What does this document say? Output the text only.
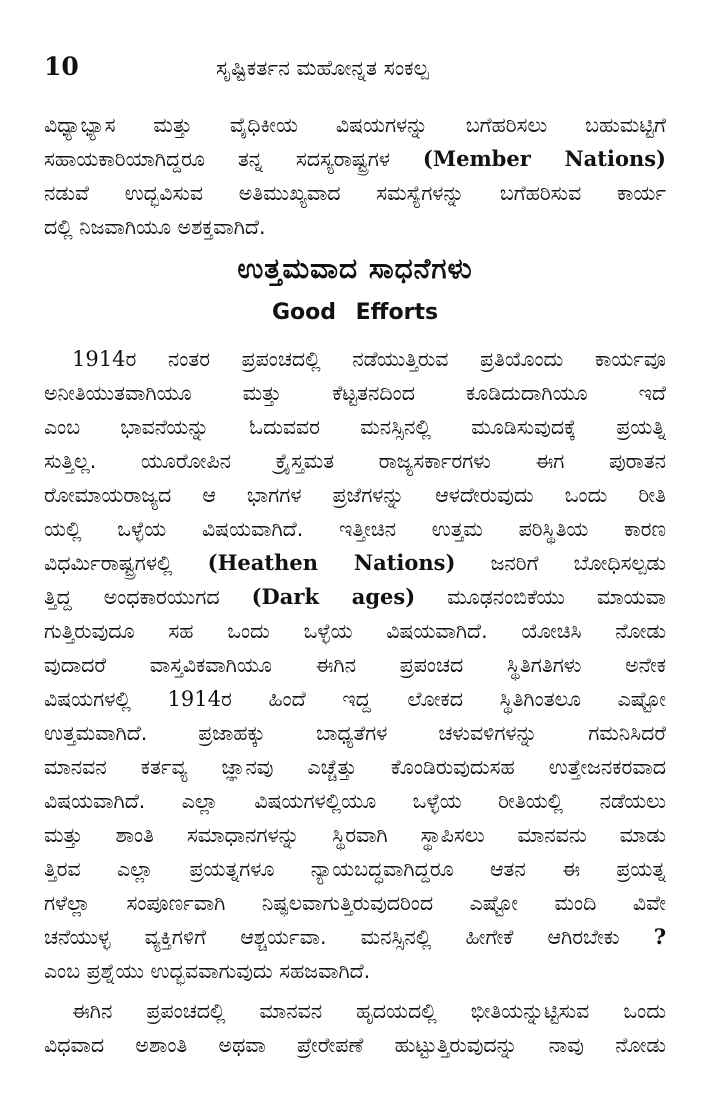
10	ಸೃಷ್ಟಿಕರ್ತನ ಮಹೋನ್ನತ ಸಂಕಲ್ಪ
ವಿಧ್ಯಾಭ್ಯಾಸ ಮತ್ತು ವೈಧಿಕೀಯ ವಿಷಯಗಳನ್ನು ಬಗೆಹರಿಸಲು ಬಹುಮಟ್ಟಿಗೆ
ಸಹಾಯಕಾರಿಯಾಗಿದ್ದರೂ ತನ್ನ ಸದಸ್ಯರಾಷ್ಟ್ರಗಳ (Member Nations)
ನಡುವೆ ಉದ್ಭವಿಸುವ ಅತಿಮುಖ್ಯವಾದ ಸಮಸ್ಯೆಗಳನ್ನು ಬಗೆಹರಿಸುವ ಕಾರ್ಯ
ದಲ್ಲಿ ನಿಜವಾಗಿಯೂ ಅಶಕ್ತವಾಗಿದೆ.
ಉತ್ತಮವಾದ ಸಾಧನೆಗಳು
Good Efforts
1914ರ ನಂತರ ಪ್ರಪಂಚದಲ್ಲಿ ನಡೆಯುತ್ತಿರುವ ಪ್ರತಿಯೊಂದು ಕಾರ್ಯವೂ
ಅನೀತಿಯುತವಾಗಿಯೂ ಮತ್ತು ಕೆಟ್ಟತನದಿಂದ ಕೂಡಿದುದಾಗಿಯೂ ಇದೆ
ಎಂಬ ಭಾವನೆಯನ್ನು ಓದುವವರ ಮನಸ್ಸಿನಲ್ಲಿ ಮೂಡಿಸುವುದಕ್ಕೆ ಪ್ರಯತ್ನಿ
ಸುತ್ತಿಲ್ಲ. ಯೂರೋಪಿನ ಕ್ರೈಸ್ತಮತ ರಾಜ್ಯಸರ್ಕಾರಗಳು ಈಗ ಪುರಾತನ
ರೋಮಾಯರಾಜ್ಯದ ಆ ಭಾಗಗಳ ಪ್ರಜೆಗಳನ್ನು ಆಳದೇರುವುದು ಒಂದು ರೀತಿ
ಯಲ್ಲಿ ಒಳ್ಳೆಯ ವಿಷಯವಾಗಿದೆ. ಇತ್ತೀಚಿನ ಉತ್ತಮ ಪರಿಸ್ಥಿತಿಯ ಕಾರಣ
ವಿಧರ್ಮಿರಾಷ್ಟ್ರಗಳಲ್ಲಿ (Heathen Nations) ಜನರಿಗೆ ಬೋಧಿಸಲ್ಪಡು
ತ್ತಿದ್ದ ಅಂಧಕಾರಯುಗದ (Dark ages) ಮೂಢನಂಬಿಕೆಯು ಮಾಯವಾ
ಗುತ್ತಿರುವುದೂ ಸಹ ಒಂದು ಒಳ್ಳೆಯ ವಿಷಯವಾಗಿದೆ. ಯೋಚಿಸಿ ನೋಡು
ವುದಾದರೆ ವಾಸ್ತವಿಕವಾಗಿಯೂ ಈಗಿನ ಪ್ರಪಂಚದ ಸ್ಥಿತಿಗತಿಗಳು ಅನೇಕ
ವಿಷಯಗಳಲ್ಲಿ 1914ರ ಹಿಂದೆ ಇದ್ದ ಲೋಕದ ಸ್ಥಿತಿಗಿಂತಲೂ ಎಷ್ಟೋ
ಉತ್ತಮವಾಗಿದೆ. ಪ್ರಜಾಹಕ್ಕು ಬಾಧ್ಯತೆಗಳ ಚಳುವಳಿಗಳನ್ನು ಗಮನಿಸಿದರೆ
ಮಾನವನ ಕರ್ತವ್ಯ ಜ್ಞಾನವು ಎಚ್ಚೆತ್ತು ಕೊಂಡಿರುವುದುಸಹ ಉತ್ತೇಜನಕರವಾದ
ವಿಷಯವಾಗಿದೆ. ಎಲ್ಲಾ ವಿಷಯಗಳಲ್ಲಿಯೂ ಒಳ್ಳೆಯ ರೀತಿಯಲ್ಲಿ ನಡೆಯಲು
ಮತ್ತು ಶಾಂತಿ ಸಮಾಧಾನಗಳನ್ನು ಸ್ಥಿರವಾಗಿ ಸ್ಥಾಪಿಸಲು ಮಾನವನು ಮಾಡು
ತ್ತಿರವ ಎಲ್ಲಾ ಪ್ರಯತ್ನಗಳೂ ನ್ಯಾಯಬದ್ಧವಾಗಿದ್ದರೂ ಆತನ ಈ ಪ್ರಯತ್ನ
ಗಳೆಲ್ಲಾ ಸಂಪೂರ್ಣವಾಗಿ ನಿಷ್ಫಲವಾಗುತ್ತಿರುವುದರಿಂದ ಎಷ್ಟೋ ಮಂದಿ ವಿವೇ
ಚನೆಯುಳ್ಳ ವ್ಯಕ್ತಿಗಳಿಗೆ ಆಶ್ಚರ್ಯವಾ. ಮನಸ್ಸಿನಲ್ಲಿ ಹೀಗೇಕೆ ಆಗಿರಬೇಕು ?
ಎಂಬ ಪ್ರಶ್ನೆಯು ಉದ್ಭವವಾಗುವುದು ಸಹಜವಾಗಿದೆ.
ಈಗಿನ ಪ್ರಪಂಚದಲ್ಲಿ ಮಾನವನ ಹೃದಯದಲ್ಲಿ ಭೀತಿಯನ್ನುಟ್ಟಿಸುವ ಒಂದು
ವಿಧವಾದ ಅಶಾಂತಿ ಅಥವಾ ಪ್ರೇರೇಪಣೆ ಹುಟ್ಟುತ್ತಿರುವುದನ್ನು ನಾವು ನೋಡು
